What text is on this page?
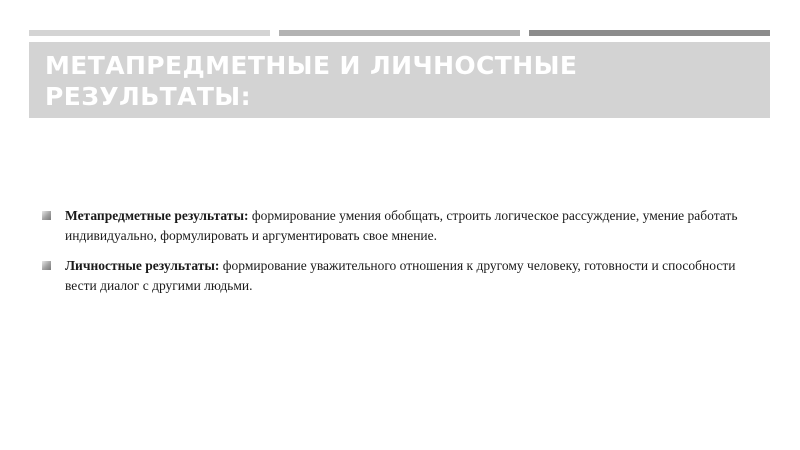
МЕТАПРЕДМЕТНЫЕ И ЛИЧНОСТНЫЕ РЕЗУЛЬТАТЫ:

Метапредметные результаты: формирование умения обобщать, строить логическое рассуждение, умение работать индивидуально, формулировать и аргументировать свое мнение.

Личностные результаты: формирование уважительного отношения к другому человеку, готовности и способности вести диалог с другими людьми.
